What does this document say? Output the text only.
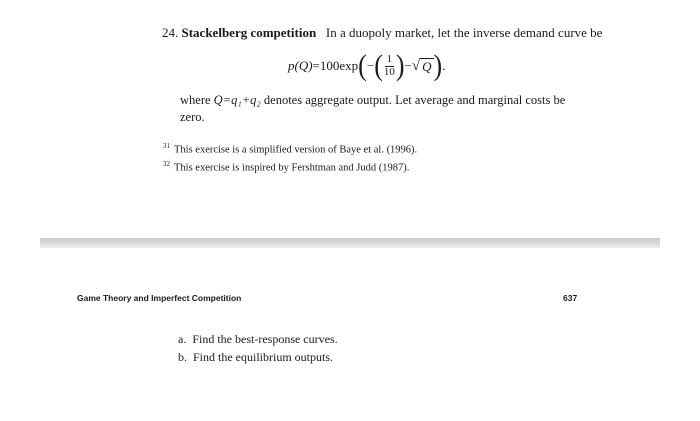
24. Stackelberg competition In a duopoly market, let the inverse demand curve be
p(Q) = 100exp ( − ( $\frac{1}{10}$ ) − √ Q ) .
where Q=q₁+q₂ denotes aggregate output. Let average and marginal costs be
zero.
$^{31}$ This exercise is a simplified version of Baye et al. (1996).
$^{32}$ This exercise is inspired by Fershtman and Judd (1987).
Game Theory and Imperfect Competition	637
a. Find the best-response curves.
b. Find the equilibrium outputs.
